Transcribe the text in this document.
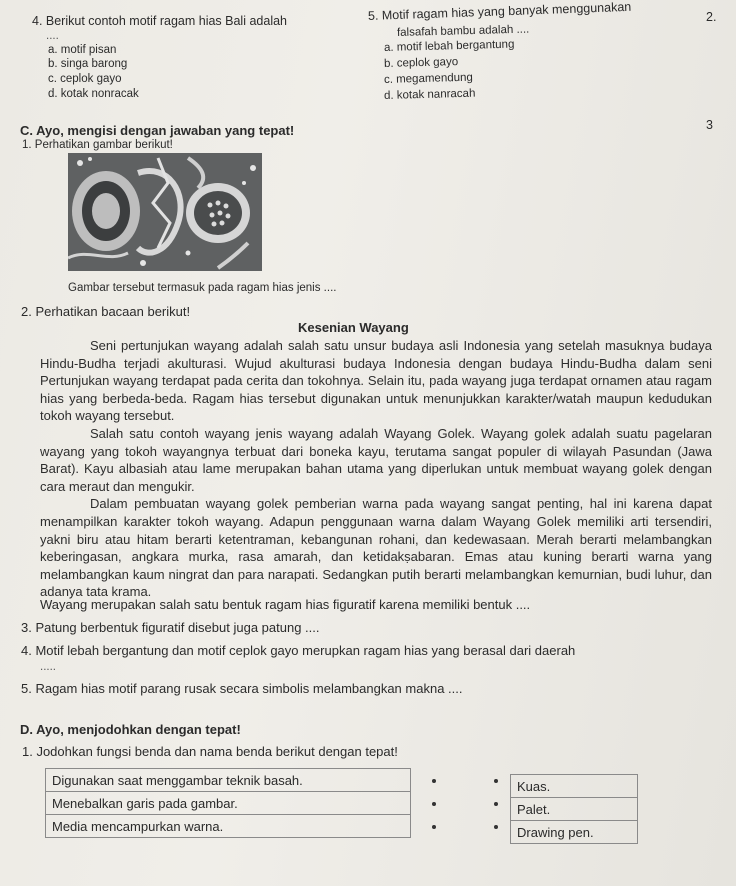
4. Berikut contoh motif ragam hias Bali adalah
....
a. motif pisan
b. singa barong
c. ceplok gayo
d. kotak nonracak
5. Motif ragam hias yang banyak menggunakan
falsafah bambu adalah ....
a. motif lebah bergantung
b. ceplok gayo
c. megamendung
d. kotak nanracah
2.
3
C. Ayo, mengisi dengan jawaban yang tepat!
1. Perhatikan gambar berikut!
Gambar tersebut termasuk pada ragam hias jenis ....
2. Perhatikan bacaan berikut!
Kesenian Wayang

Seni pertunjukan wayang adalah salah satu unsur budaya asli Indonesia yang setelah masuknya budaya Hindu-Budha terjadi akulturasi. Wujud akulturasi budaya Indonesia dengan budaya Hindu-Budha dalam seni Pertunjukan wayang terdapat pada cerita dan tokohnya. Selain itu, pada wayang juga terdapat ornamen atau ragam hias yang berbeda-beda. Ragam hias tersebut digunakan untuk menunjukkan karakter/watah maupun kedudukan tokoh wayang tersebut.

Salah satu contoh wayang jenis wayang adalah Wayang Golek. Wayang golek adalah suatu pagelaran wayang yang tokoh wayangnya terbuat dari boneka kayu, terutama sangat populer di wilayah Pasundan (Jawa Barat). Kayu albasiah atau lame merupakan bahan utama yang diperlukan untuk membuat wayang golek dengan cara meraut dan mengukir.

Dalam pembuatan wayang golek pemberian warna pada wayang sangat penting, hal ini karena dapat menampilkan karakter tokoh wayang. Adapun penggunaan warna dalam Wayang Golek memiliki arti tersendiri, yakni biru atau hitam berarti ketentraman, kebangunan rohani, dan kedewasaan. Merah berarti melambangkan keberingasan, angkara murka, rasa amarah, dan ketidakṣabaran. Emas atau kuning berarti warna yang melambangkan kaum ningrat dan para narapati. Sedangkan putih berarti melambangkan kemurnian, budi luhur, dan adanya tata krama.

Wayang merupakan salah satu bentuk ragam hias figuratif karena memiliki bentuk ....
3. Patung berbentuk figuratif disebut juga patung ....
4. Motif lebah bergantung dan motif ceplok gayo merupkan ragam hias yang berasal dari daerah
.....
5. Ragam hias motif parang rusak secara simbolis melambangkan makna ....
D. Ayo, menjodohkan dengan tepat!
1. Jodohkan fungsi benda dan nama benda berikut dengan tepat!
Digunakan saat menggambar teknik basah.
Menebalkan garis pada gambar.
Media mencampurkan warna.
Kuas.
Palet.
Drawing pen.
